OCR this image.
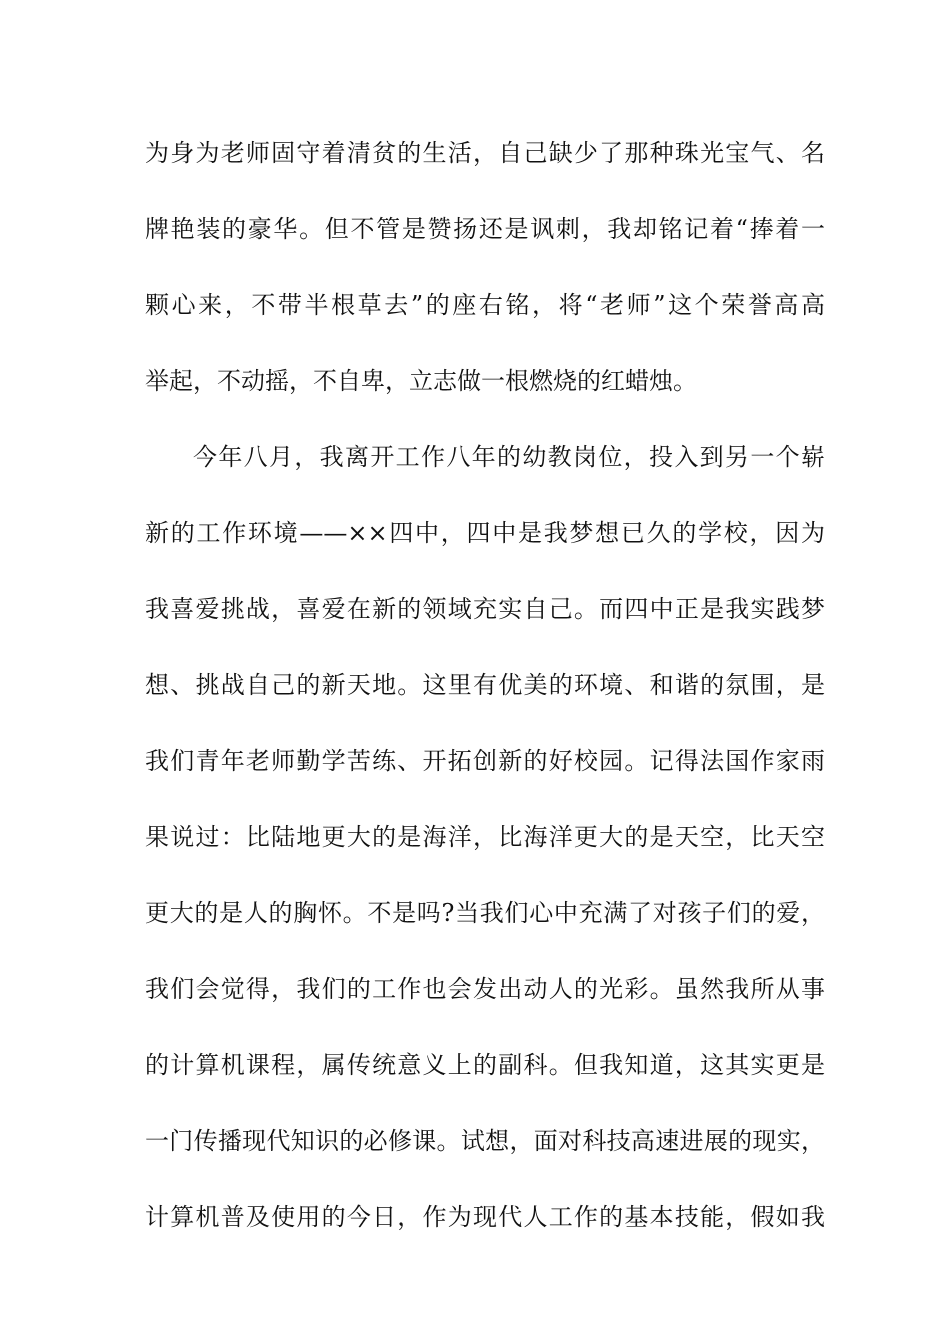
为身为老师固守着清贫的生活，自己缺少了那种珠光宝气、名
牌艳装的豪华。但不管是赞扬还是讽刺，我却铭记着“捧着一
颗心来，不带半根草去”的座右铭，将“老师”这个荣誉高高
举起，不动摇，不自卑，立志做一根燃烧的红蜡烛。
今年八月，我离开工作八年的幼教岗位，投入到另一个崭
新的工作环境——××四中，四中是我梦想已久的学校，因为
我喜爱挑战，喜爱在新的领域充实自己。而四中正是我实践梦
想、挑战自己的新天地。这里有优美的环境、和谐的氛围，是
我们青年老师勤学苦练、开拓创新的好校园。记得法国作家雨
果说过：比陆地更大的是海洋，比海洋更大的是天空，比天空
更大的是人的胸怀。不是吗?当我们心中充满了对孩子们的爱，
我们会觉得，我们的工作也会发出动人的光彩。虽然我所从事
的计算机课程，属传统意义上的副科。但我知道，这其实更是
一门传播现代知识的必修课。试想，面对科技高速进展的现实，
计算机普及使用的今日，作为现代人工作的基本技能，假如我
